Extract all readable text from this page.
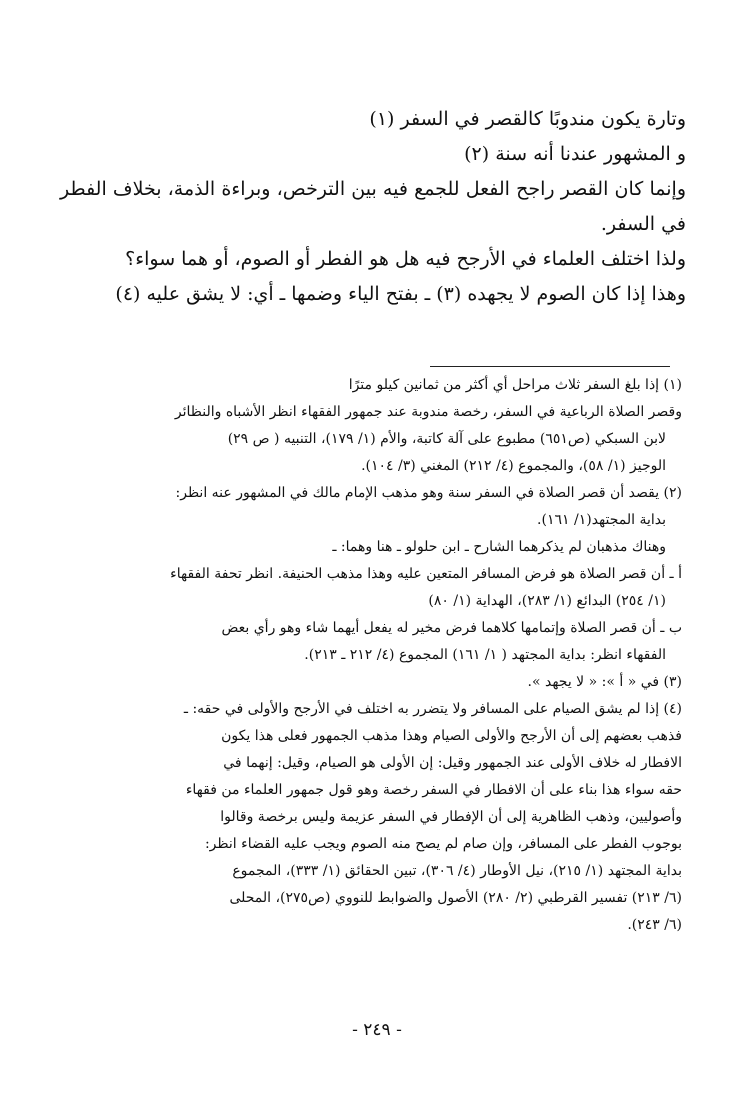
وتارة يكون مندوبًا كالقصر في السفر (١)

و المشهور عندنا أنه سنة (٢)

وإنما كان القصر راجح الفعل للجمع فيه بين الترخص، وبراءة الذمة، بخلاف الفطر في السفر.

ولذا اختلف العلماء في الأرجح فيه هل هو الفطر أو الصوم، أو هما سواء؟

وهذا إذا كان الصوم لا يجهده (٣) ـ بفتح الياء وضمها ـ أي: لا يشق عليه (٤)

(١) إذا بلغ السفر ثلاث مراحل أي أكثر من ثمانين كيلو مترًا

وقصر الصلاة الرباعية في السفر، رخصة مندوبة عند جمهور الفقهاء انظر الأشباه والنظائر

لابن السبكي (ص٦٥١) مطبوع على آلة كاتبة، والأم (١/ ١٧٩)، التنبيه ( ص ٢٩)

الوجيز (١/ ٥٨)، والمجموع (٤/ ٢١٢) المغني (٣/ ١٠٤).

(٢) يقصد أن قصر الصلاة في السفر سنة وهو مذهب الإمام مالك في المشهور عنه انظر:

بداية المجتهد(١/ ١٦١).

وهناك مذهبان لم يذكرهما الشارح ـ ابن حلولو ـ هنا وهما: ـ

أ ـ أن قصر الصلاة هو فرض المسافر المتعين عليه وهذا مذهب الحنيفة. انظر تحفة الفقهاء

(١/ ٢٥٤) البدائع (١/ ٢٨٣)، الهداية (١/ ٨٠)

ب ـ أن قصر الصلاة وإتمامها كلاهما فرض مخير له يفعل أيهما شاء وهو رأي بعض

الفقهاء انظر: بداية المجتهد ( ١/ ١٦١) المجموع (٤/ ٢١٢ ـ ٢١٣).

(٣) في « أ »: « لا يجهد ».

(٤) إذا لم يشق الصيام على المسافر ولا يتضرر به اختلف في الأرجح والأولى في حقه: ـ

فذهب بعضهم إلى أن الأرجح والأولى الصيام وهذا مذهب الجمهور فعلى هذا يكون

الافطار له خلاف الأولى عند الجمهور وقيل: إن الأولى هو الصيام، وقيل: إنهما في

حقه سواء هذا بناء على أن الافطار في السفر رخصة وهو قول جمهور العلماء من فقهاء

وأصوليين، وذهب الظاهرية إلى أن الإفطار في السفر عزيمة وليس برخصة وقالوا

بوجوب الفطر على المسافر، وإن صام لم يصح منه الصوم ويجب عليه القضاء انظر:

بداية المجتهد (١/ ٢١٥)، نيل الأوطار (٤/ ٣٠٦)، تبين الحقائق (١/ ٣٣٣)، المجموع

(٦/ ٢١٣) تفسير القرطبي (٢/ ٢٨٠) الأصول والضوابط للنووي (ص٢٧٥)، المحلى

(٦/ ٢٤٣).

- ٢٤٩ -
